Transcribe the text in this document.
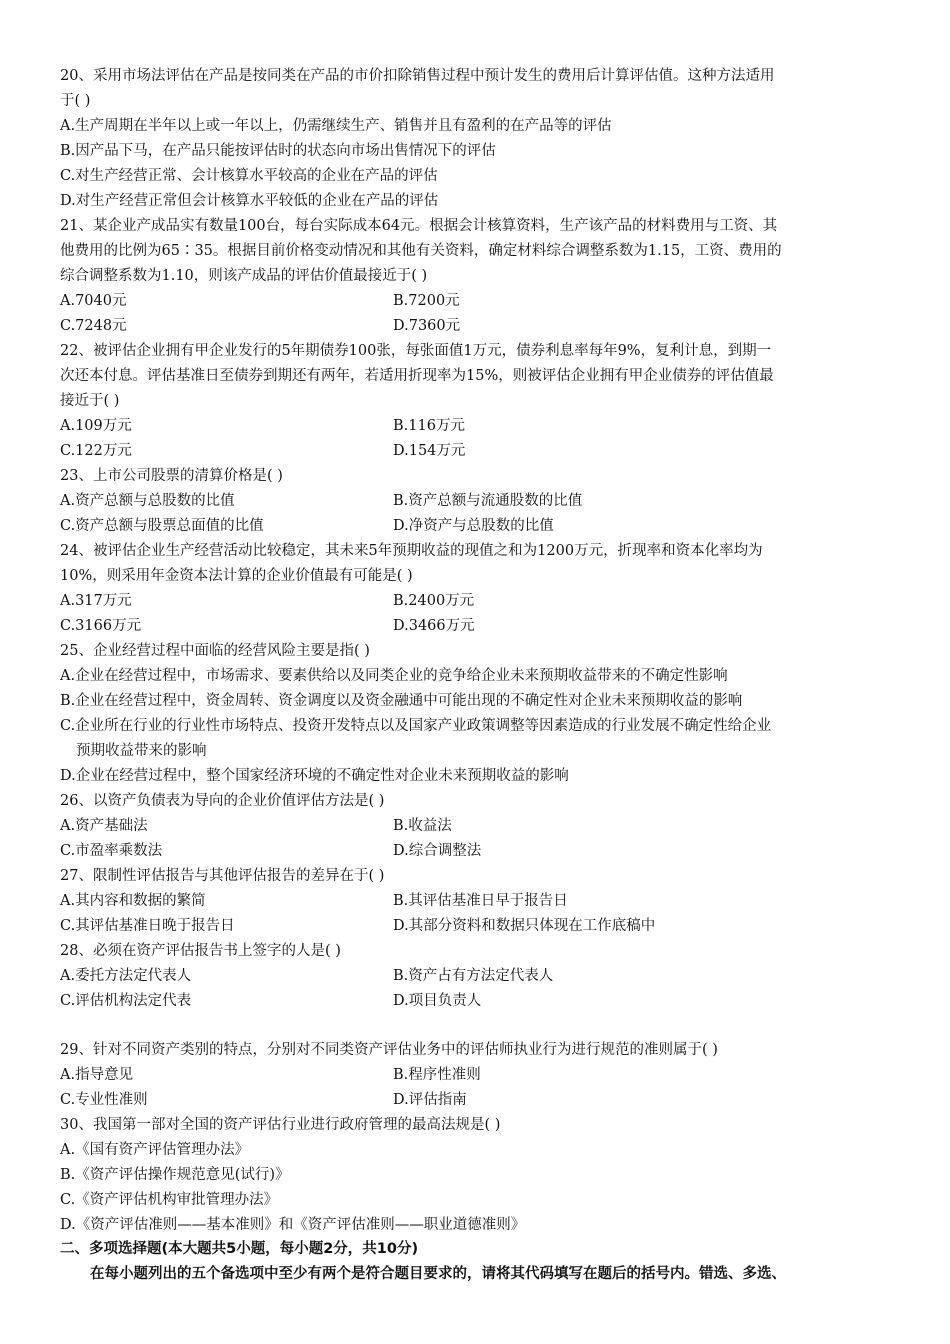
20、采用市场法评估在产品是按同类在产品的市价扣除销售过程中预计发生的费用后计算评估值。这种方法适用
于( )
A.生产周期在半年以上或一年以上，仍需继续生产、销售并且有盈利的在产品等的评估
B.因产品下马，在产品只能按评估时的状态向市场出售情况下的评估
C.对生产经营正常、会计核算水平较高的企业在产品的评估
D.对生产经营正常但会计核算水平较低的企业在产品的评估
21、某企业产成品实有数量100台，每台实际成本64元。根据会计核算资料，生产该产品的材料费用与工资、其
他费用的比例为65∶35。根据目前价格变动情况和其他有关资料，确定材料综合调整系数为1.15，工资、费用的
综合调整系数为1.10，则该产成品的评估价值最接近于( )
A.7040元	B.7200元
C.7248元	D.7360元
22、被评估企业拥有甲企业发行的5年期债券100张，每张面值1万元，债券利息率每年9%，复利计息，到期一
次还本付息。评估基准日至债券到期还有两年，若适用折现率为15%，则被评估企业拥有甲企业债券的评估值最
接近于( )
A.109万元	B.116万元
C.122万元	D.154万元
23、上市公司股票的清算价格是( )
A.资产总额与总股数的比值	B.资产总额与流通股数的比值
C.资产总额与股票总面值的比值	D.净资产与总股数的比值
24、被评估企业生产经营活动比较稳定，其未来5年预期收益的现值之和为1200万元，折现率和资本化率均为
10%，则采用年金资本法计算的企业价值最有可能是( )
A.317万元	B.2400万元
C.3166万元	D.3466万元
25、企业经营过程中面临的经营风险主要是指( )
A.企业在经营过程中，市场需求、要素供给以及同类企业的竞争给企业未来预期收益带来的不确定性影响
B.企业在经营过程中，资金周转、资金调度以及资金融通中可能出现的不确定性对企业未来预期收益的影响
C.企业所在行业的行业性市场特点、投资开发特点以及国家产业政策调整等因素造成的行业发展不确定性给企业
预期收益带来的影响
D.企业在经营过程中，整个国家经济环境的不确定性对企业未来预期收益的影响
26、以资产负债表为导向的企业价值评估方法是( )
A.资产基础法	B.收益法
C.市盈率乘数法	D.综合调整法
27、限制性评估报告与其他评估报告的差异在于( )
A.其内容和数据的繁简	B.其评估基准日早于报告日
C.其评估基准日晚于报告日	D.其部分资料和数据只体现在工作底稿中
28、必须在资产评估报告书上签字的人是( )
A.委托方法定代表人	B.资产占有方法定代表人
C.评估机构法定代表	D.项目负责人
29、针对不同资产类别的特点，分别对不同类资产评估业务中的评估师执业行为进行规范的准则属于( )
A.指导意见	B.程序性准则
C.专业性准则	D.评估指南
30、我国第一部对全国的资产评估行业进行政府管理的最高法规是( )
A.《国有资产评估管理办法》
B.《资产评估操作规范意见(试行)》
C.《资产评估机构审批管理办法》
D.《资产评估准则——基本准则》和《资产评估准则——职业道德准则》
二、多项选择题(本大题共5小题，每小题2分，共10分)
在每小题列出的五个备选项中至少有两个是符合题目要求的，请将其代码填写在题后的括号内。错选、多选、
